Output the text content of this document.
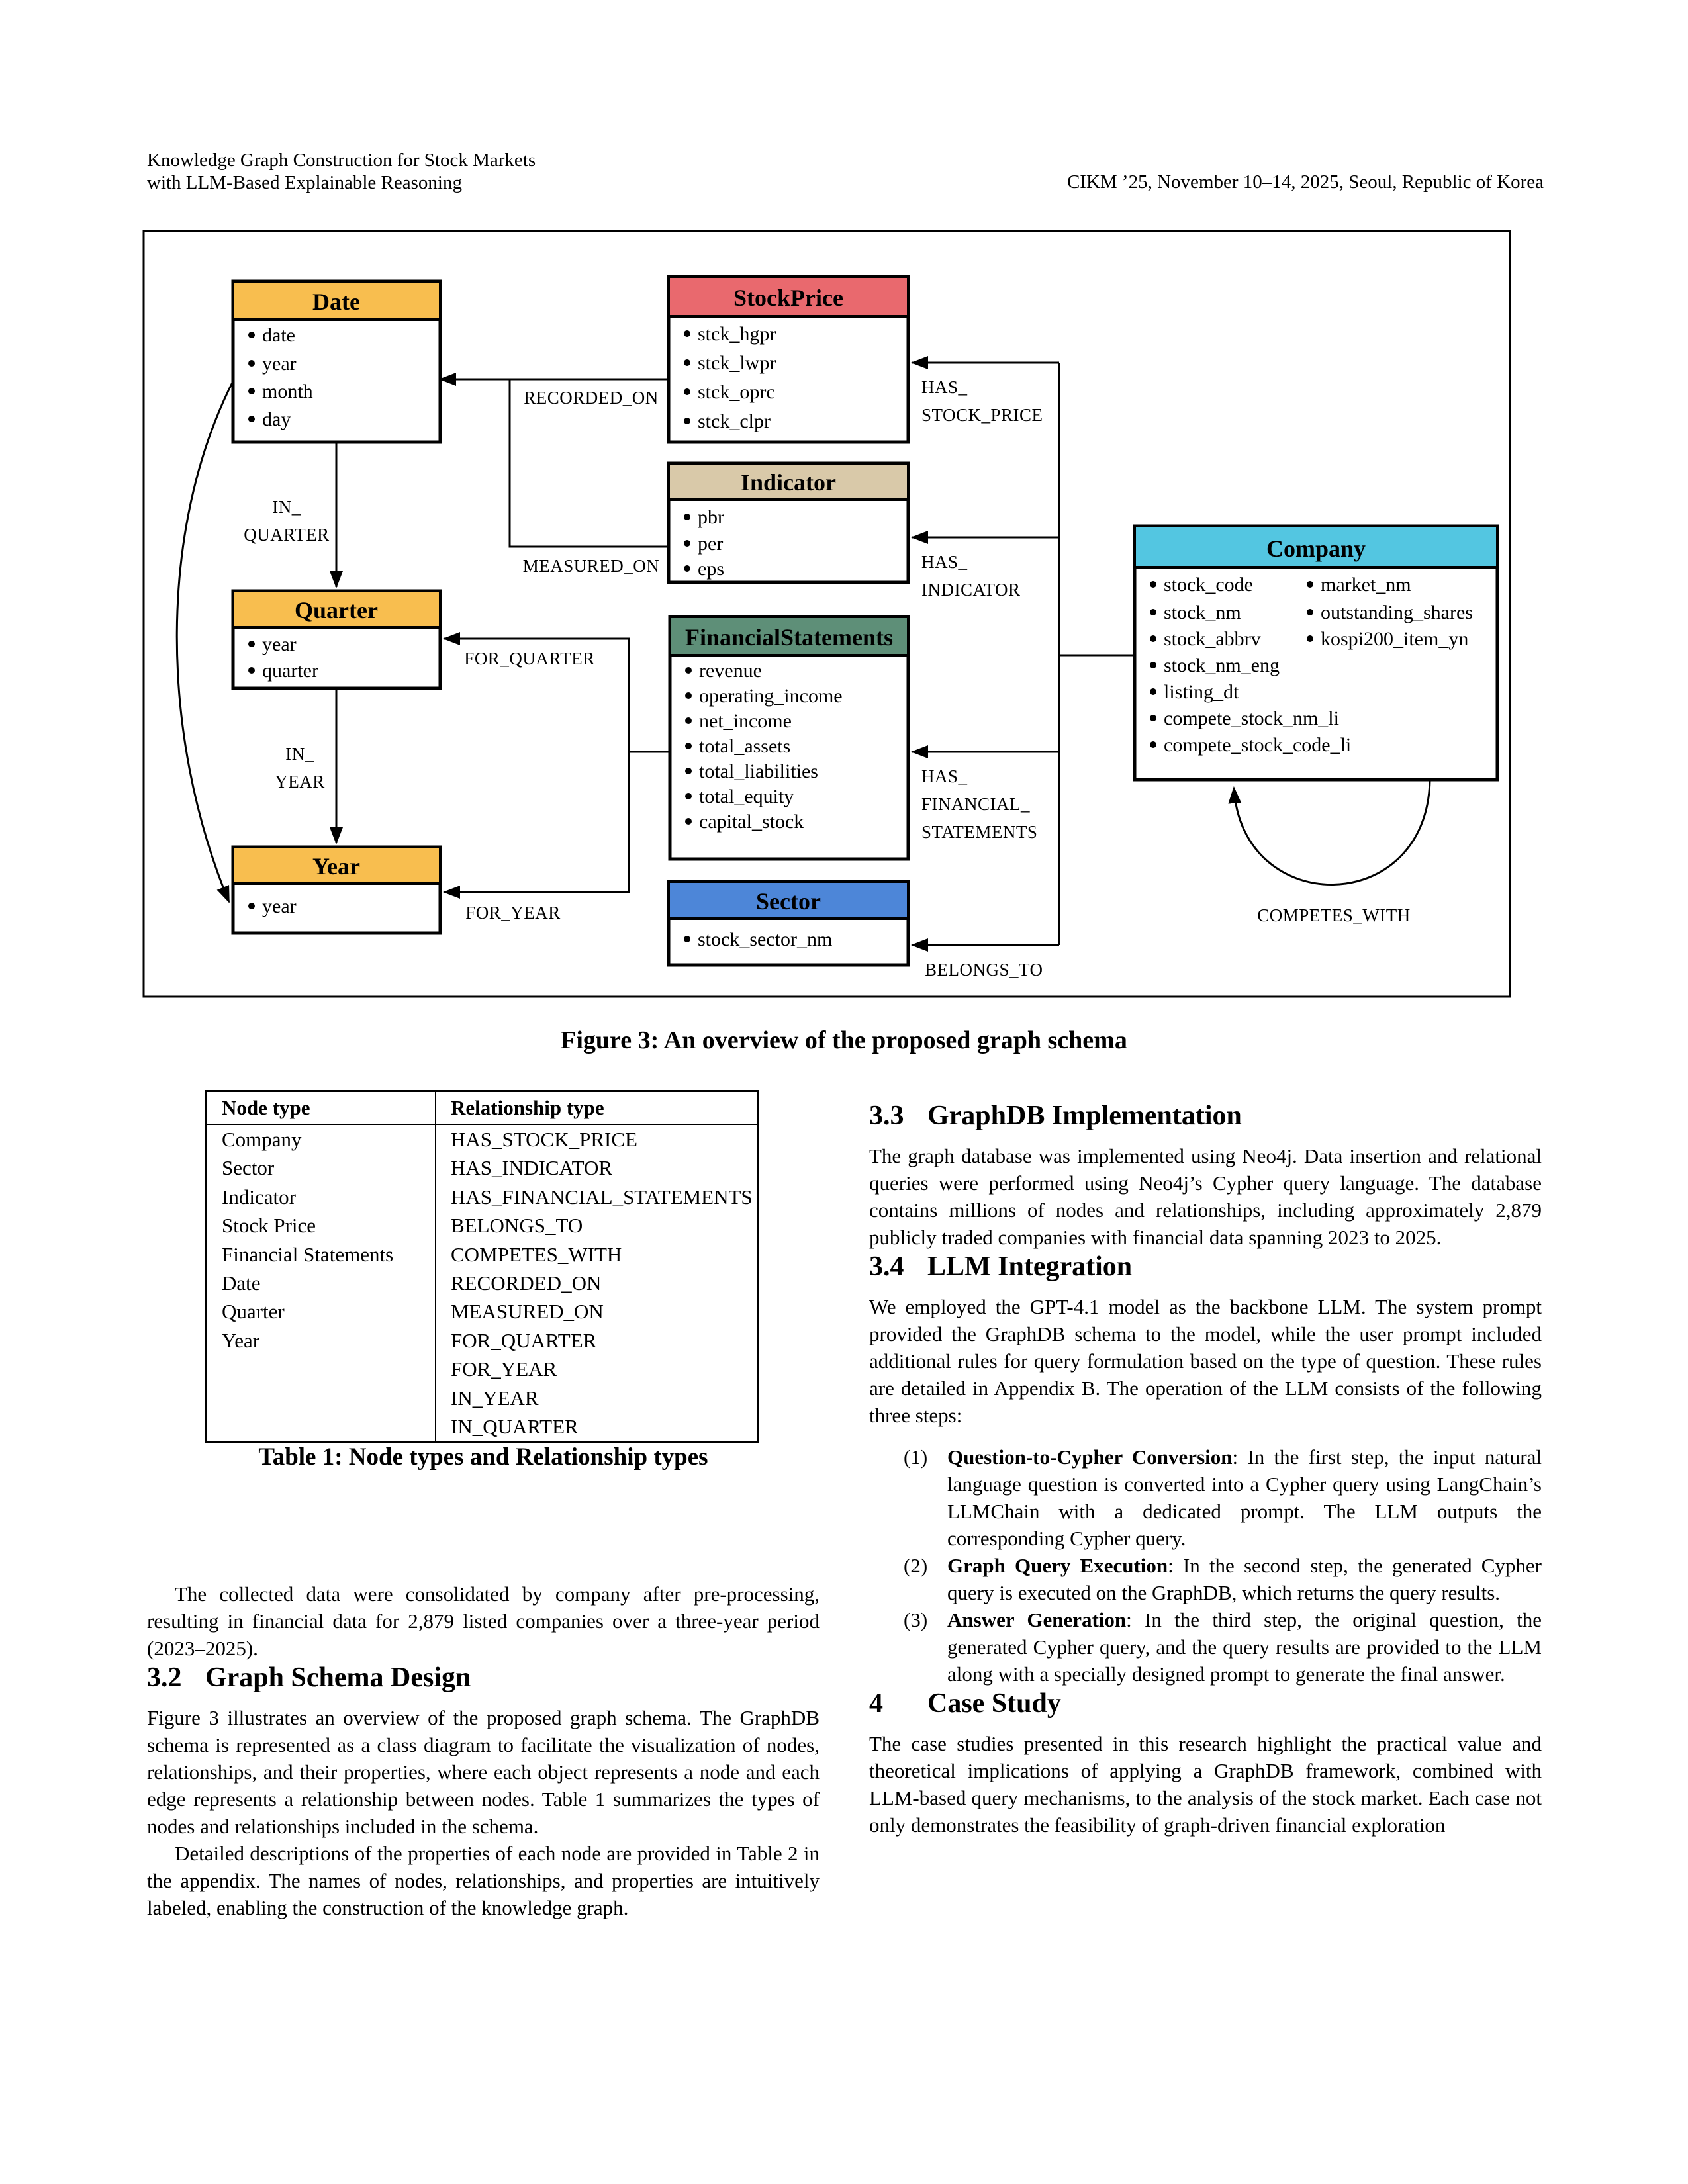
Knowledge Graph Construction for Stock Markets
with LLM-Based Explainable Reasoning	CIKM ’25, November 10–14, 2025, Seoul, Republic of Korea
RECORDED_ON
MEASURED_ON
IN_
QUARTER
IN_
YEAR
FOR_QUARTER
FOR_YEAR
HAS_
STOCK_PRICE
HAS_
INDICATOR
HAS_
FINANCIAL_
STATEMENTS
BELONGS_TO
COMPETES_WITH
Date
date
year
month
day
StockPrice
stck_hgpr
stck_lwpr
stck_oprc
stck_clpr
Indicator
pbr
per
eps
Company
stock_code
stock_nm
stock_abbrv
stock_nm_eng
listing_dt
compete_stock_nm_li
compete_stock_code_li
market_nm
outstanding_shares
kospi200_item_yn
Quarter
year
quarter
FinancialStatements
revenue
operating_income
net_income
total_assets
total_liabilities
total_equity
capital_stock
Year
year	Sector
stock_sector_nm
Figure 3: An overview of the proposed graph schema
Node type	Relationship type
Company	HAS_STOCK_PRICE
Sector	HAS_INDICATOR
Indicator	HAS_FINANCIAL_STATEMENTS
Stock Price	BELONGS_TO
Financial Statements	COMPETES_WITH
Date	RECORDED_ON
Quarter	MEASURED_ON
Year	FOR_QUARTER
	FOR_YEAR
	IN_YEAR
	IN_QUARTER
Table 1: Node types and Relationship types

The collected data were consolidated by company after pre-processing, resulting in financial data for 2,879 listed companies over a three-year period (2023–2025).

3.2 Graph Schema Design

Figure 3 illustrates an overview of the proposed graph schema. The GraphDB schema is represented as a class diagram to facilitate the visualization of nodes, relationships, and their properties, where each object represents a node and each edge represents a relationship between nodes. Table 1 summarizes the types of nodes and relationships included in the schema.

Detailed descriptions of the properties of each node are provided in Table 2 in the appendix. The names of nodes, relationships, and properties are intuitively labeled, enabling the construction of the knowledge graph.

3.3 GraphDB Implementation

The graph database was implemented using Neo4j. Data insertion and relational queries were performed using Neo4j’s Cypher query language. The database contains millions of nodes and relationships, including approximately 2,879 publicly traded companies with financial data spanning 2023 to 2025.

3.4 LLM Integration

We employed the GPT-4.1 model as the backbone LLM. The system prompt provided the GraphDB schema to the model, while the user prompt included additional rules for query formulation based on the type of question. These rules are detailed in Appendix B. The operation of the LLM consists of the following three steps:

(1) Question-to-Cypher Conversion: In the first step, the input natural language question is converted into a Cypher query using LangChain’s LLMChain with a dedicated prompt. The LLM outputs the corresponding Cypher query.
(2) Graph Query Execution: In the second step, the generated Cypher query is executed on the GraphDB, which returns the query results.
(3) Answer Generation: In the third step, the original question, the generated Cypher query, and the query results are provided to the LLM along with a specially designed prompt to generate the final answer.
4 Case Study

The case studies presented in this research highlight the practical value and theoretical implications of applying a GraphDB framework, combined with LLM-based query mechanisms, to the analysis of the stock market. Each case not only demonstrates the feasibility of graph-driven financial exploration
